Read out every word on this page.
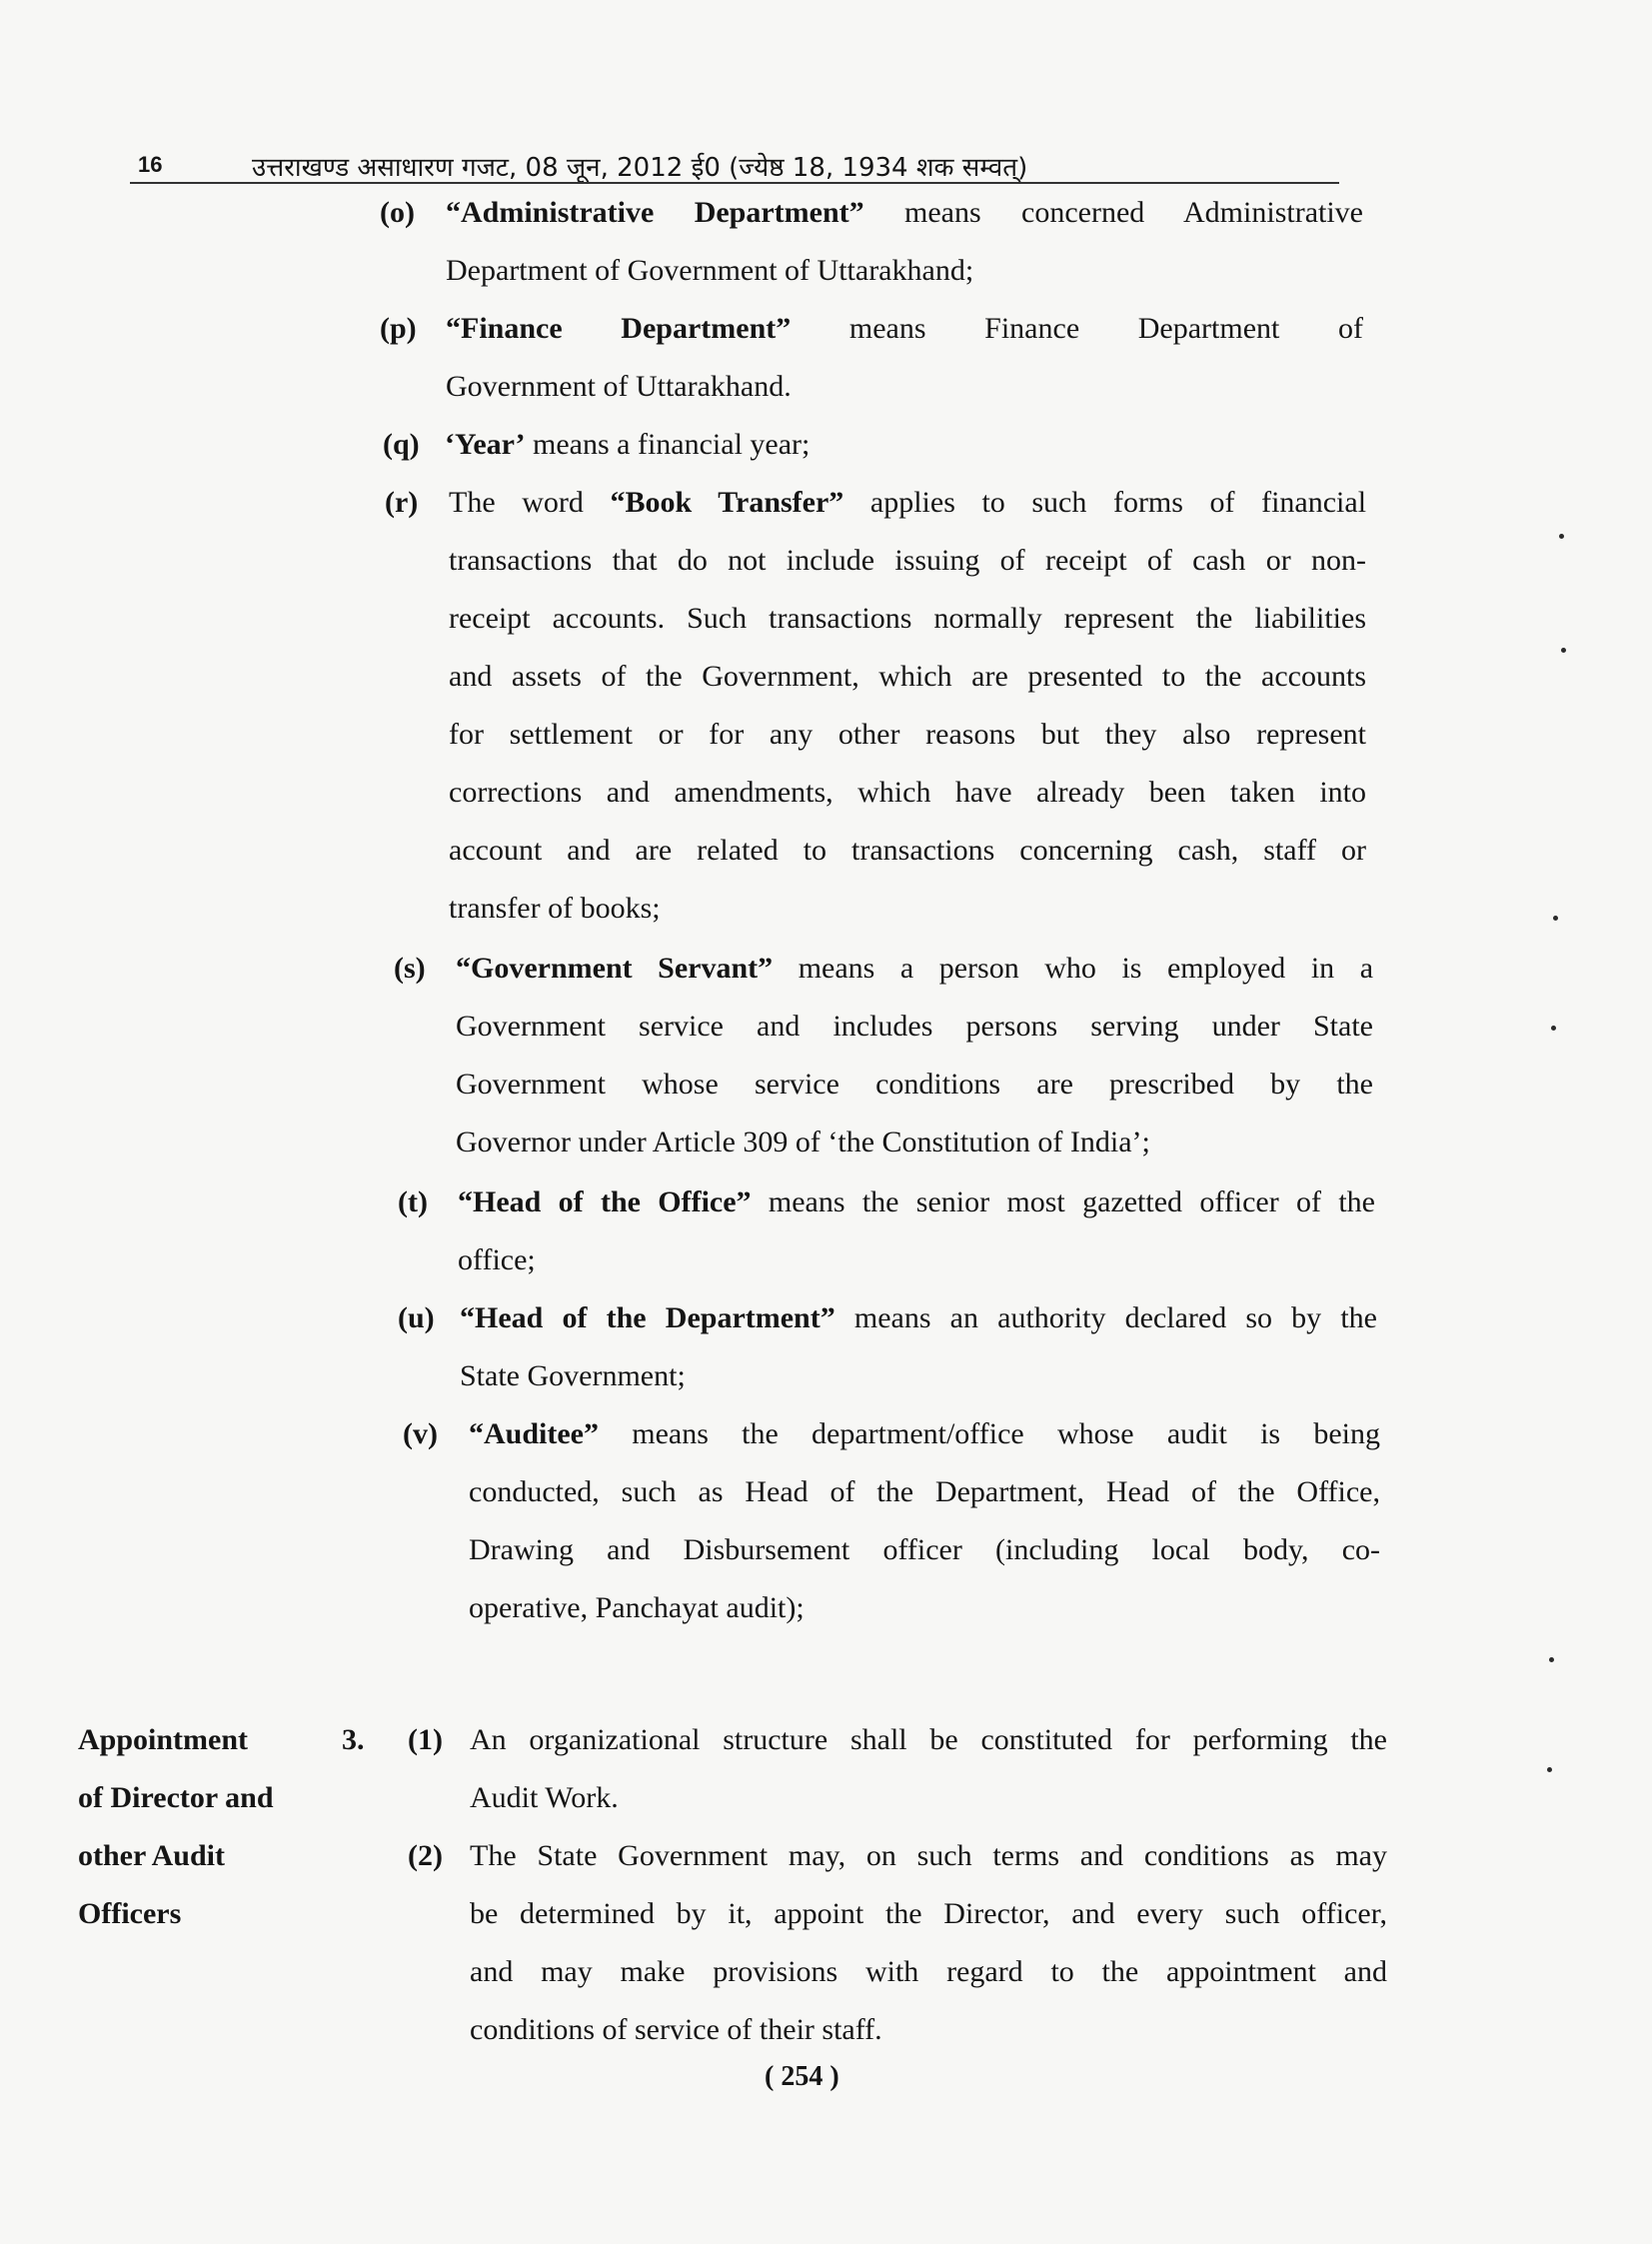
16	उत्तराखण्ड असाधारण गजट, 08 जून, 2012 ई0 (ज्येष्ठ 18, 1934 शक सम्वत्)
(o) “Administrative Department” means concerned Administrative
Department of Government of Uttarakhand;
(p) “Finance Department” means Finance Department of
Government of Uttarakhand.
(q) ‘Year’ means a financial year;
(r) The word “Book Transfer” applies to such forms of financial
transactions that do not include issuing of receipt of cash or non-
receipt accounts. Such transactions normally represent the liabilities
and assets of the Government, which are presented to the accounts
for settlement or for any other reasons but they also represent
corrections and amendments, which have already been taken into
account and are related to transactions concerning cash, staff or
transfer of books;
(s) “Government Servant” means a person who is employed in a
Government service and includes persons serving under State
Government whose service conditions are prescribed by the
Governor under Article 309 of ‘the Constitution of India’;
(t) “Head of the Office” means the senior most gazetted officer of the
office;
(u) “Head of the Department” means an authority declared so by the
State Government;
(v) “Auditee” means the department/office whose audit is being
conducted, such as Head of the Department, Head of the Office,
Drawing and Disbursement officer (including local body, co-
operative, Panchayat audit);
Appointment
of Director and
other Audit
Officers
3. (1) An organizational structure shall be constituted for performing the
Audit Work.
(2) The State Government may, on such terms and conditions as may
be determined by it, appoint the Director, and every such officer,
and may make provisions with regard to the appointment and
conditions of service of their staff.
( 254 )
